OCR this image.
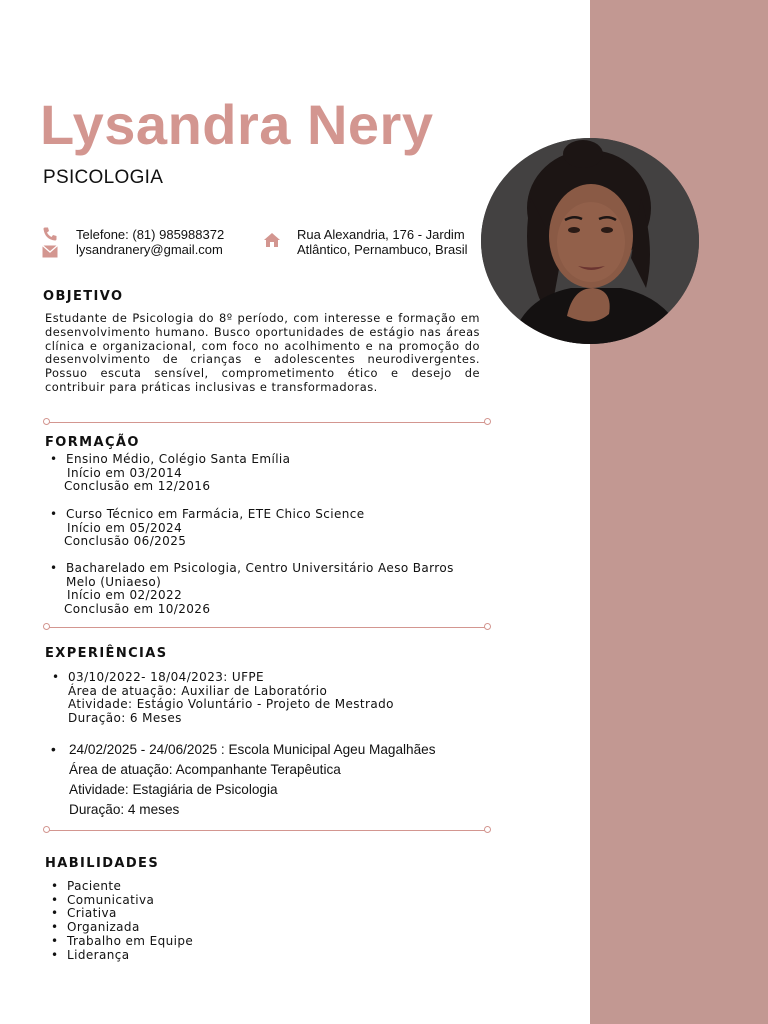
Lysandra Nery
PSICOLOGIA
Telefone: (81) 985988372
lysandranery@gmail.com
Rua Alexandria, 176 - Jardim
Atlântico, Pernambuco, Brasil
OBJETIVO
Estudante de Psicologia do 8º período, com interesse e formação em desenvolvimento humano. Busco oportunidades de estágio nas áreas clínica e organizacional, com foco no acolhimento e na promoção do desenvolvimento de crianças e adolescentes neurodivergentes. Possuo escuta sensível, comprometimento ético e desejo de contribuir para práticas inclusivas e transformadoras.
FORMAÇÃO
• Ensino Médio, Colégio Santa Emília
Início em 03/2014
Conclusão em 12/2016
• Curso Técnico em Farmácia, ETE Chico Science
Início em 05/2024
Conclusão 06/2025
• Bacharelado em Psicologia, Centro Universitário Aeso Barros
Melo (Uniaeso)
Início em 02/2022
Conclusão em 10/2026
EXPERIÊNCIAS
• 03/10/2022- 18/04/2023: UFPE
Área de atuação: Auxiliar de Laboratório
Atividade: Estágio Voluntário - Projeto de Mestrado
Duração: 6 Meses
• 24/02/2025 - 24/06/2025 : Escola Municipal Ageu Magalhães
Área de atuação: Acompanhante Terapêutica
Atividade: Estagiária de Psicologia
Duração: 4 meses
HABILIDADES
• Paciente
• Comunicativa
• Criativa
• Organizada
• Trabalho em Equipe
• Liderança
